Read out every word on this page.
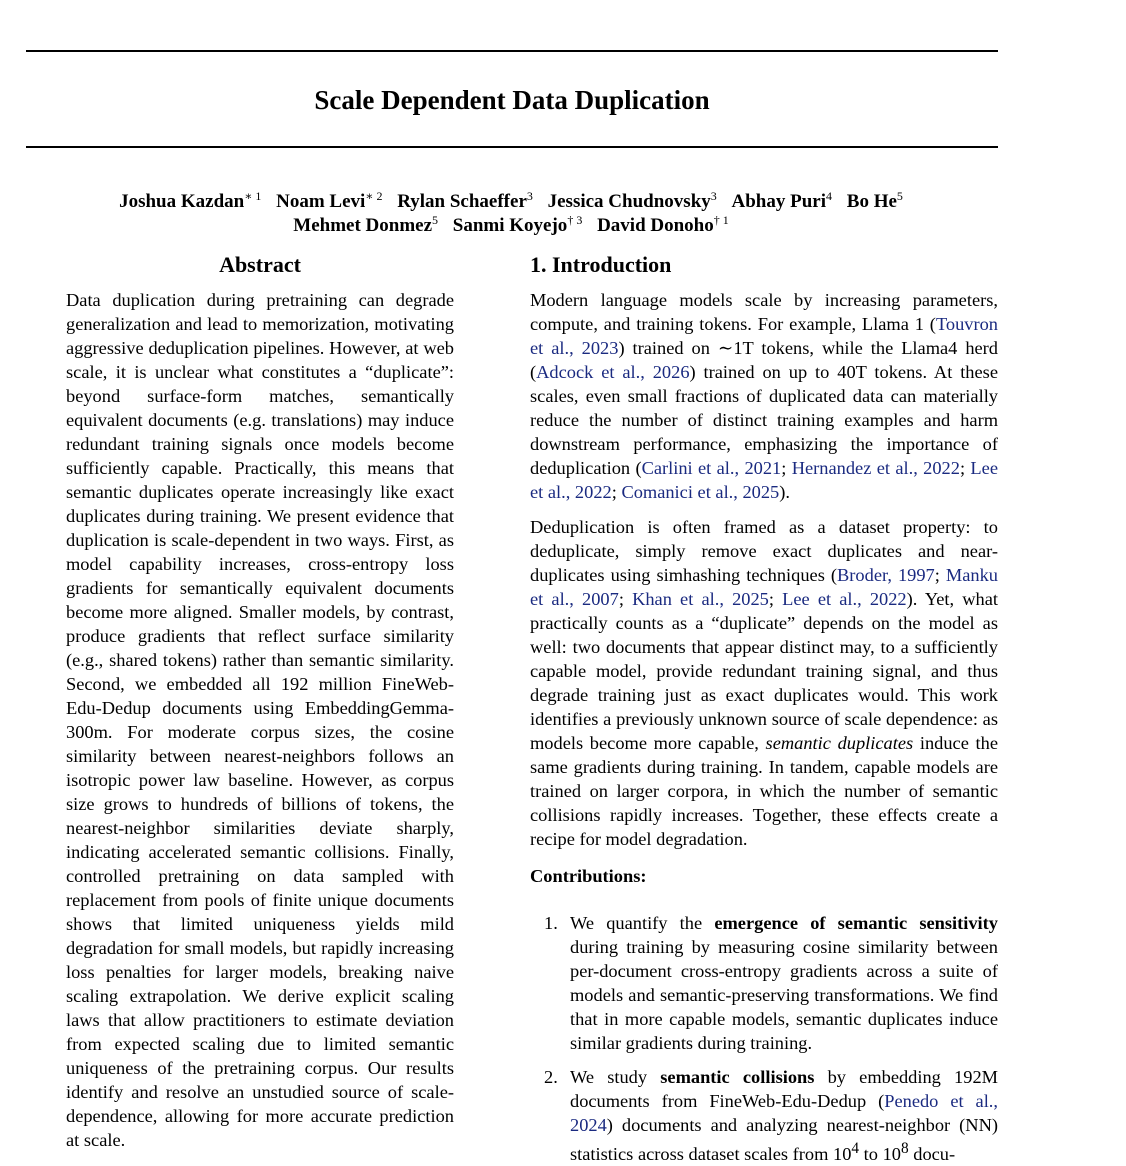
Scale Dependent Data Duplication
Joshua Kazdan$^{∗ 1}$ Noam Levi$^{∗ 2}$ Rylan Schaeffer$^3$ Jessica Chudnovsky$^3$ Abhay Puri$^4$ Bo He$^5$
Mehmet Donmez$^5$ Sanmi Koyejo$^{\dagger 3}$ David Donoho$^{\dagger 1}$
Abstract

Data duplication during pretraining can degrade generalization and lead to memorization, motivating aggressive deduplication pipelines. However, at web scale, it is unclear what constitutes a “duplicate”: beyond surface-form matches, semantically equivalent documents (e.g. translations) may induce redundant training signals once models become sufficiently capable. Practically, this means that semantic duplicates operate increasingly like exact duplicates during training. We present evidence that duplication is scale-dependent in two ways. First, as model capability increases, cross-entropy loss gradients for semantically equivalent documents become more aligned. Smaller models, by contrast, produce gradients that reflect surface similarity (e.g., shared tokens) rather than semantic similarity. Second, we embedded all 192 million FineWeb-Edu-Dedup documents using EmbeddingGemma-300m. For moderate corpus sizes, the cosine similarity between nearest-neighbors follows an isotropic power law baseline. However, as corpus size grows to hundreds of billions of tokens, the nearest-neighbor similarities deviate sharply, indicating accelerated semantic collisions. Finally, controlled pretraining on data sampled with replacement from pools of finite unique documents shows that limited uniqueness yields mild degradation for small models, but rapidly increasing loss penalties for larger models, breaking naive scaling extrapolation. We derive explicit scaling laws that allow practitioners to estimate deviation from expected scaling due to limited semantic uniqueness of the pretraining corpus. Our results identify and resolve an unstudied source of scale-dependence, allowing for more accurate prediction at scale.

1. Introduction

Modern language models scale by increasing parameters, compute, and training tokens. For example, Llama 1 (Touvron et al., 2023) trained on ∼1T tokens, while the Llama4 herd (Adcock et al., 2026) trained on up to 40T tokens. At these scales, even small fractions of duplicated data can materially reduce the number of distinct training examples and harm downstream performance, emphasizing the importance of deduplication (Carlini et al., 2021; Hernandez et al., 2022; Lee et al., 2022; Comanici et al., 2025).

Deduplication is often framed as a dataset property: to deduplicate, simply remove exact duplicates and near-duplicates using simhashing techniques (Broder, 1997; Manku et al., 2007; Khan et al., 2025; Lee et al., 2022). Yet, what practically counts as a “duplicate” depends on the model as well: two documents that appear distinct may, to a sufficiently capable model, provide redundant training signal, and thus degrade training just as exact duplicates would. This work identifies a previously unknown source of scale dependence: as models become more capable, semantic duplicates induce the same gradients during training. In tandem, capable models are trained on larger corpora, in which the number of semantic collisions rapidly increases. Together, these effects create a recipe for model degradation.

Contributions:
1. We quantify the emergence of semantic sensitivity during training by measuring cosine similarity between per-document cross-entropy gradients across a suite of models and semantic-preserving transformations. We find that in more capable models, semantic duplicates induce similar gradients during training.
2. We study semantic collisions by embedding 192M documents from FineWeb-Edu-Dedup (Penedo et al., 2024) documents and analyzing nearest-neighbor (NN) statistics across dataset scales from $10^4$ to $10^8$ docu-
